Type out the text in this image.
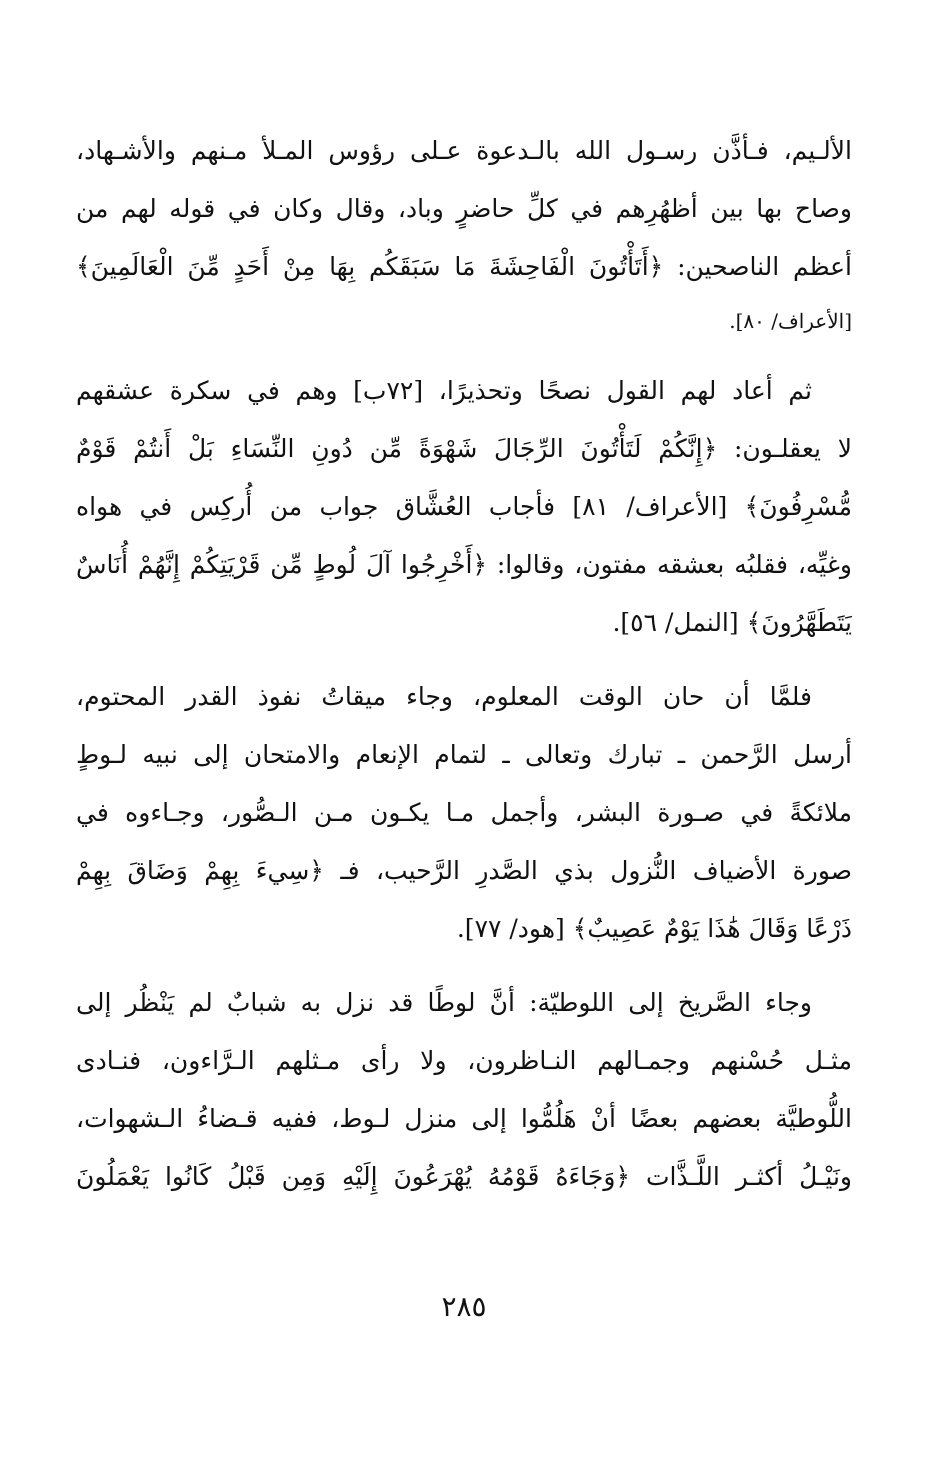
الألـيم، فـأذَّن رسـول الله بالـدعوة عـلى رؤوس المـلأ مـنهم والأشـهاد،
وصاح بها بين أظهُرِهم في كلِّ حاضرٍ وباد، وقال وكان في قوله لهم من
أعظم الناصحين: ﴿أَتَأْتُونَ الْفَاحِشَةَ مَا سَبَقَكُم بِهَا مِنْ أَحَدٍ مِّنَ الْعَالَمِينَ﴾
[الأعراف/ ٨٠].
ثم أعاد لهم القول نصحًا وتحذيرًا، [٧٢ب] وهم في سكرة عشقهم
لا يعقلـون: ﴿إِنَّكُمْ لَتَأْتُونَ الرِّجَالَ شَهْوَةً مِّن دُونِ النِّسَاءِ بَلْ أَنتُمْ قَوْمٌ
مُّسْرِفُونَ﴾ [الأعراف/ ٨١] فأجاب العُشَّاق جواب من أُركِس في هواه
وغيِّه، فقلبُه بعشقه مفتون، وقالوا: ﴿أَخْرِجُوا آلَ لُوطٍ مِّن قَرْيَتِكُمْ إِنَّهُمْ أُنَاسٌ
يَتَطَهَّرُونَ﴾ [النمل/ ٥٦].
فلمَّا أن حان الوقت المعلوم، وجاء ميقاتُ نفوذ القدر المحتوم،
أرسل الرَّحمن ـ تبارك وتعالى ـ لتمام الإنعام والامتحان إلى نبيه لـوطٍ
ملائكةً في صـورة البشر، وأجمل مـا يكـون مـن الـصُّور، وجـاءوه في
صورة الأضياف النُّزول بذي الصَّدرِ الرَّحيب، فـ ﴿سِيءَ بِهِمْ وَضَاقَ بِهِمْ
ذَرْعًا وَقَالَ هَٰذَا يَوْمٌ عَصِيبٌ﴾ [هود/ ٧٧].
وجاء الصَّريخ إلى اللوطيّة: أنَّ لوطًا قد نزل به شبابٌ لم يَنْظُر إلى
مثـل حُسْنهم وجمـالهم النـاظرون، ولا رأى مـثلهم الـرَّاءون، فنـادى
اللُّوطيَّة بعضهم بعضًا أنْ هَلُمُّوا إلى منزل لـوط، ففيه قـضاءُ الـشهوات،
ونَيْـلُ أكثـر اللَّـذَّات ﴿وَجَاءَهُ قَوْمُهُ يُهْرَعُونَ إِلَيْهِ وَمِن قَبْلُ كَانُوا يَعْمَلُونَ
٢٨٥
